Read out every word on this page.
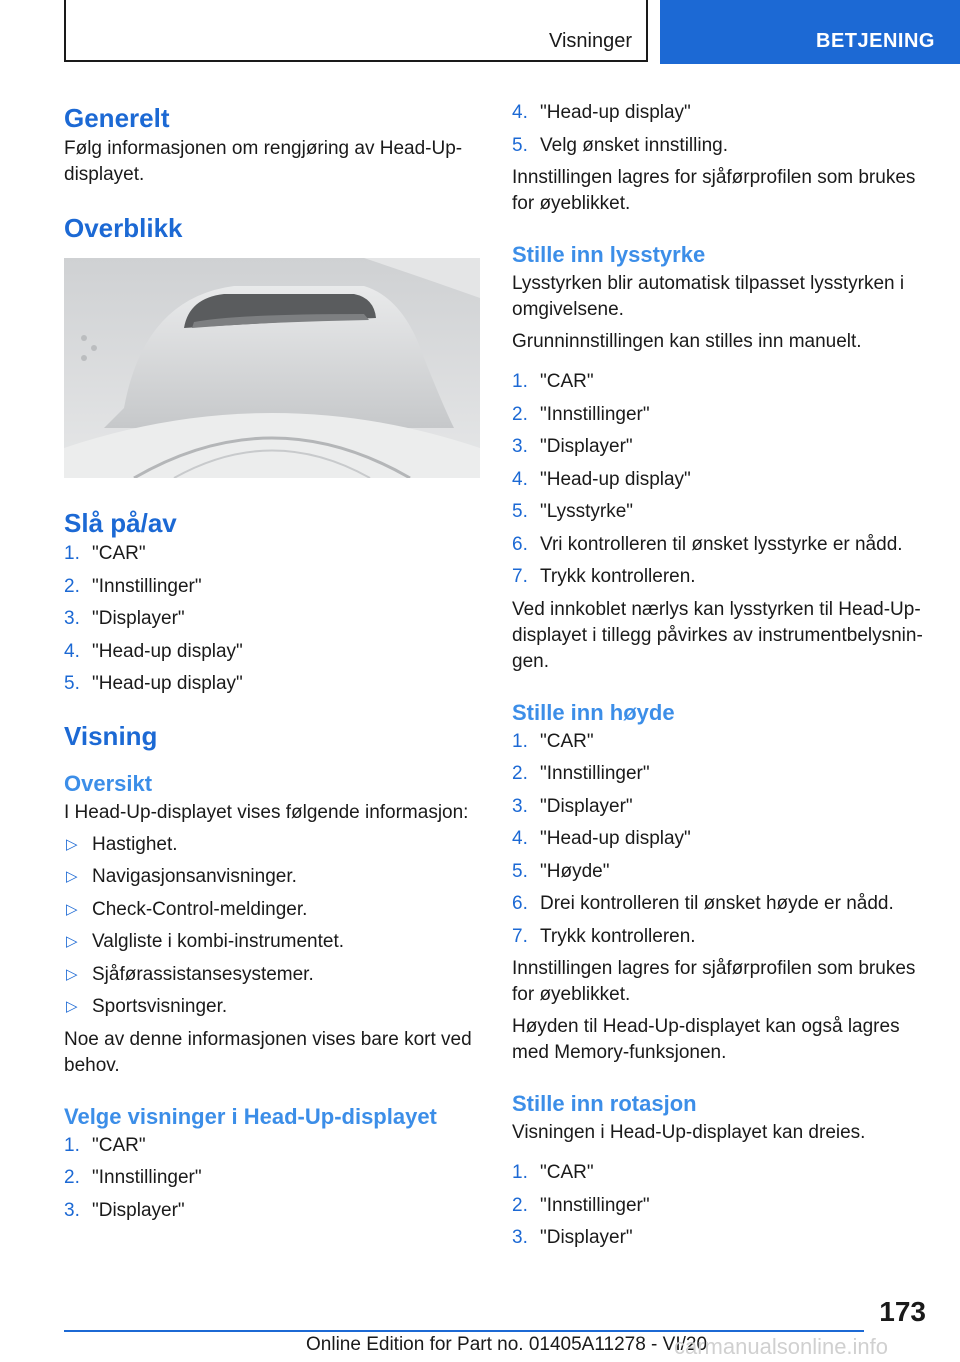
Visninger	BETJENING
Generelt

Følg informasjonen om rengjøring av Head-Up-displayet.

Overblikk
Slå på/av
1. "CAR"
2. "Innstillinger"
3. "Displayer"
4. "Head-up display"
5. "Head-up display"
Visning
Oversikt

I Head-Up-displayet vises følgende informasjon:

▷ Hastighet.
▷ Navigasjonsanvisninger.
▷ Check-Control-meldinger.
▷ Valgliste i kombi-instrumentet.
▷ Sjåførassistansesystemer.
▷ Sportsvisninger.

Noe av denne informasjonen vises bare kort ved behov.

Velge visninger i Head-Up-displayet
1. "CAR"
2. "Innstillinger"
3. "Displayer"
4. "Head-up display"
5. Velg ønsket innstilling.

Innstillingen lagres for sjåførprofilen som brukes for øyeblikket.

Stille inn lysstyrke

Lysstyrken blir automatisk tilpasset lysstyrken i omgivelsene.

Grunninnstillingen kan stilles inn manuelt.

1. "CAR"
2. "Innstillinger"
3. "Displayer"
4. "Head-up display"
5. "Lysstyrke"
6. Vri kontrolleren til ønsket lysstyrke er nådd.
7. Trykk kontrolleren.

Ved innkoblet nærlys kan lysstyrken til Head-Up-displayet i tillegg påvirkes av instrumentbelysnin-gen.

Stille inn høyde
1. "CAR"
2. "Innstillinger"
3. "Displayer"
4. "Head-up display"
5. "Høyde"
6. Drei kontrolleren til ønsket høyde er nådd.
7. Trykk kontrolleren.

Innstillingen lagres for sjåførprofilen som brukes for øyeblikket.

Høyden til Head-Up-displayet kan også lagres med Memory-funksjonen.

Stille inn rotasjon

Visningen i Head-Up-displayet kan dreies.

1. "CAR"
2. "Innstillinger"
3. "Displayer"
173
Online Edition for Part no. 01405A11278 - VI/20
carmanualsonline.info
